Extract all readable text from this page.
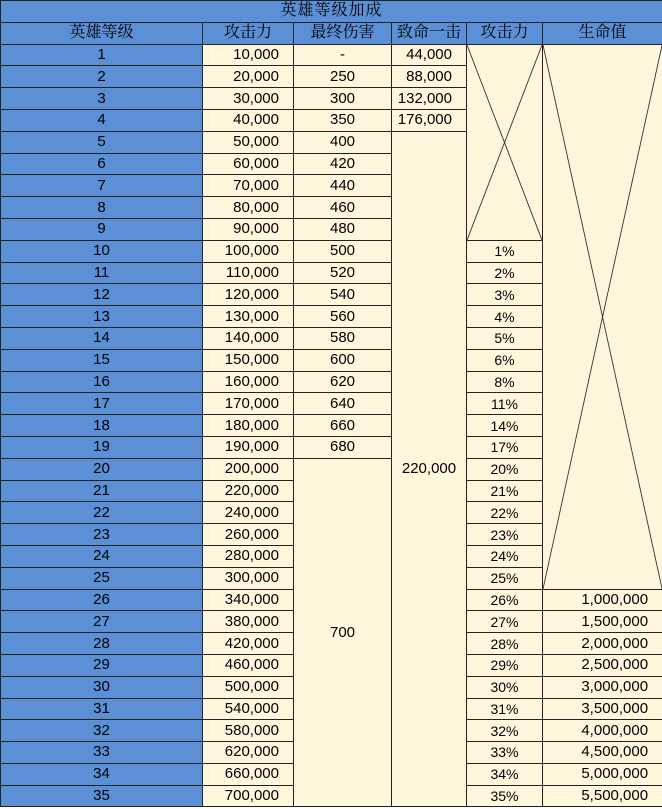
英雄等级加成					
英雄等级	攻击力	最终伤害	致命一击	攻击力	生命值
1	10,000	-	44,000	

2	20,000	250	88,000		
3	30,000	300	132,000		
4	40,000	350	176,000		
5	50,000	400	220,000		
6	60,000	420			
7	70,000	440			
8	80,000	460			
9	90,000	480			
10	100,000	500		1%	
11	110,000	520		2%	
12	120,000	540		3%	
13	130,000	560		4%	
14	140,000	580		5%	
15	150,000	600		6%	
16	160,000	620		8%	
17	170,000	640		11%	
18	180,000	660		14%	
19	190,000	680		17%	
20	200,000	700		20%	
21	220,000			21%	
22	240,000			22%	
23	260,000			23%	
24	280,000			24%	
25	300,000			25%	
26	340,000			26%	1,000,000
27	380,000			27%	1,500,000
28	420,000			28%	2,000,000
29	460,000			29%	2,500,000
30	500,000			30%	3,000,000
31	540,000			31%	3,500,000
32	580,000			32%	4,000,000
33	620,000			33%	4,500,000
34	660,000			34%	5,000,000
35	700,000			35%	5,500,000
